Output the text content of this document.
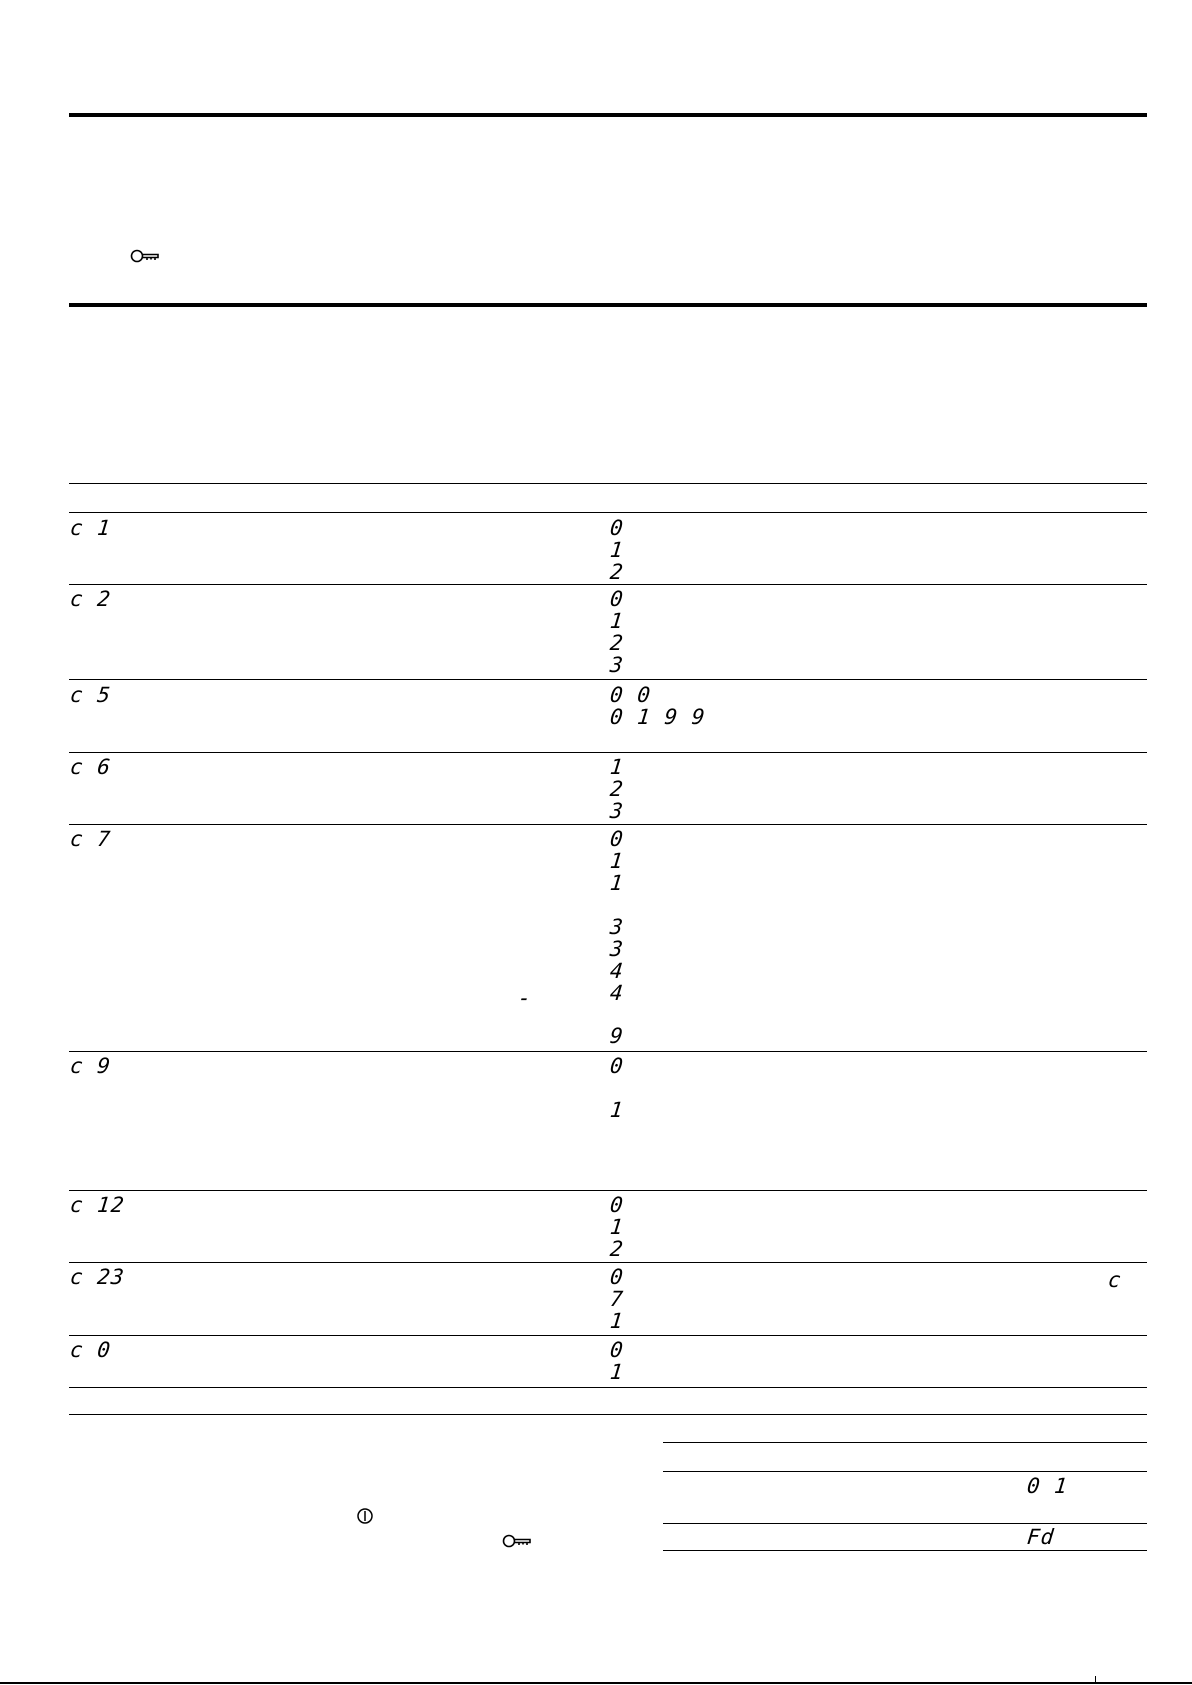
c 1	0
1
2
c 2	0
1
2
3
c 5	0 0
0 1 9 9
c 6	1
2
3
c 7	0
1
1
3
3
4
4
-
9
c 9	0
1
c 12	0
1
2
c 23	0
7
1
c
c 0	0
1
0 1
Fd
